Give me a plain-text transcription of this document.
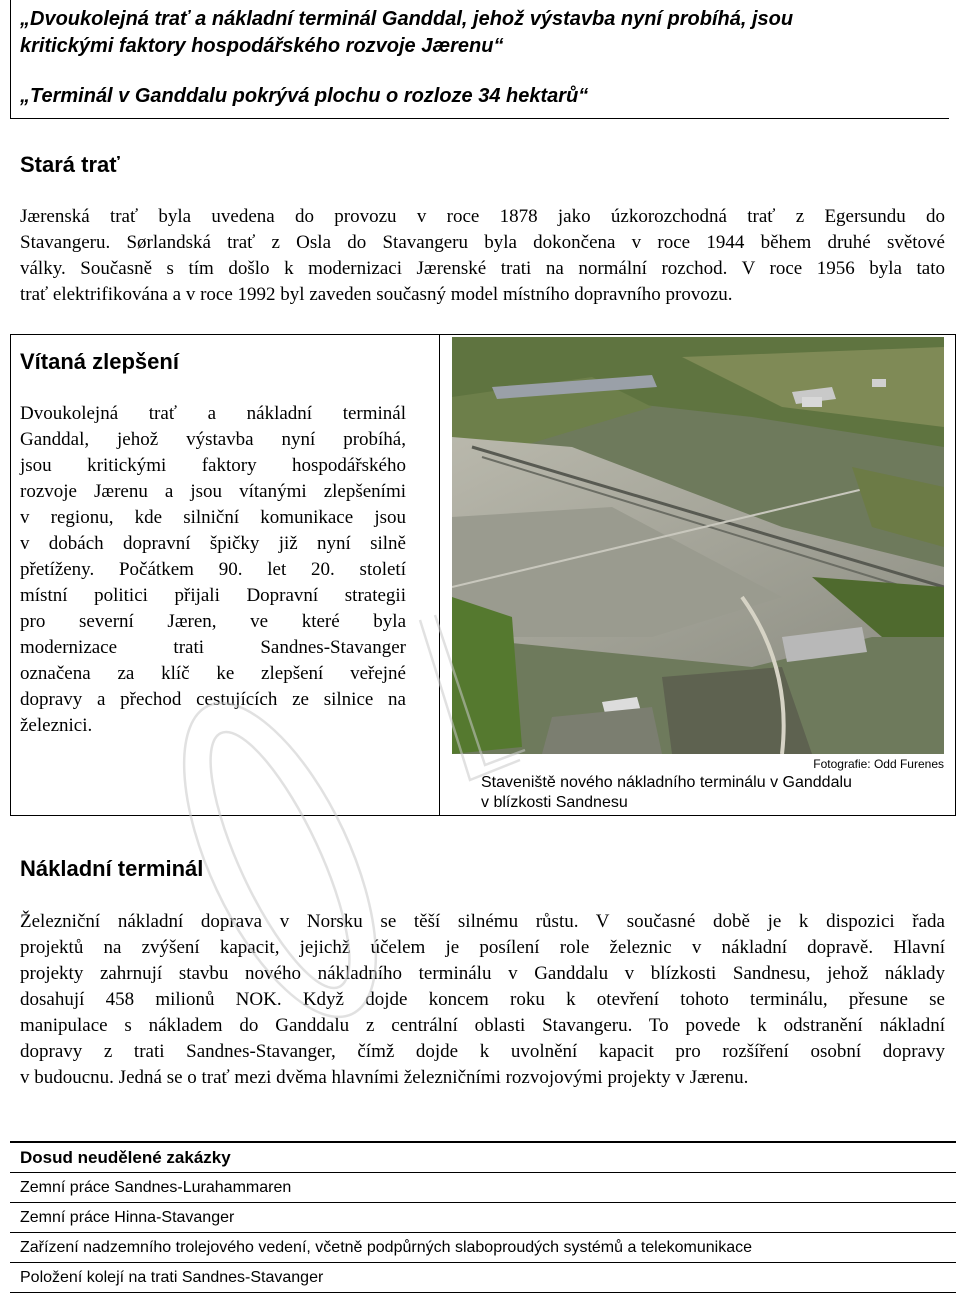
„Dvoukolejná trať a nákladní terminál Ganddal, jehož výstavba nyní probíhá, jsou
kritickými faktory hospodářského rozvoje Jærenu“

„Terminál v Ganddalu pokrývá plochu o rozloze 34 hektarů“

Stará trať
Jærenská trať byla uvedena do provozu v roce 1878 jako úzkorozchodná trať z Egersundu do
Stavangeru. Sørlandská trať z Osla do Stavangeru byla dokončena v roce 1944 během druhé světové
války. Současně s tím došlo k modernizaci Jærenské trati na normální rozchod. V roce 1956 byla tato
trať elektrifikována a v roce 1992 byl zaveden současný model místního dopravního provozu.
Vítaná zlepšení
Dvoukolejná trať a nákladní terminál
Ganddal, jehož výstavba nyní probíhá,
jsou kritickými faktory hospodářského
rozvoje Jærenu a jsou vítanými zlepšeními
v regionu, kde silniční komunikace jsou
v dobách dopravní špičky již nyní silně
přetíženy. Počátkem 90. let 20. století
místní politici přijali Dopravní strategii
pro severní Jæren, ve které byla
modernizace trati Sandnes-Stavanger
označena za klíč ke zlepšení veřejné
dopravy a přechod cestujících ze silnice na
železnici.
Fotografie: Odd Furenes

Staveniště nového nákladního terminálu v Ganddalu
v blízkosti Sandnesu

Nákladní terminál
Železniční nákladní doprava v Norsku se těší silnému růstu. V současné době je k dispozici řada
projektů na zvýšení kapacit, jejichž účelem je posílení role železnic v nákladní dopravě. Hlavní
projekty zahrnují stavbu nového nákladního terminálu v Ganddalu v blízkosti Sandnesu, jehož náklady
dosahují 458 milionů NOK. Když dojde koncem roku k otevření tohoto terminálu, přesune se
manipulace s nákladem do Ganddalu z centrální oblasti Stavangeru. To povede k odstranění nákladní
dopravy z trati Sandnes-Stavanger, čímž dojde k uvolnění kapacit pro rozšíření osobní dopravy
v budoucnu. Jedná se o trať mezi dvěma hlavními železničními rozvojovými projekty v Jærenu.
Dosud neudělené zakázky
Zemní práce Sandnes-Lurahammaren
Zemní práce Hinna-Stavanger
Zařízení nadzemního trolejového vedení, včetně podpůrných slaboproudých systémů a telekomunikace
Položení kolejí na trati Sandnes-Stavanger
